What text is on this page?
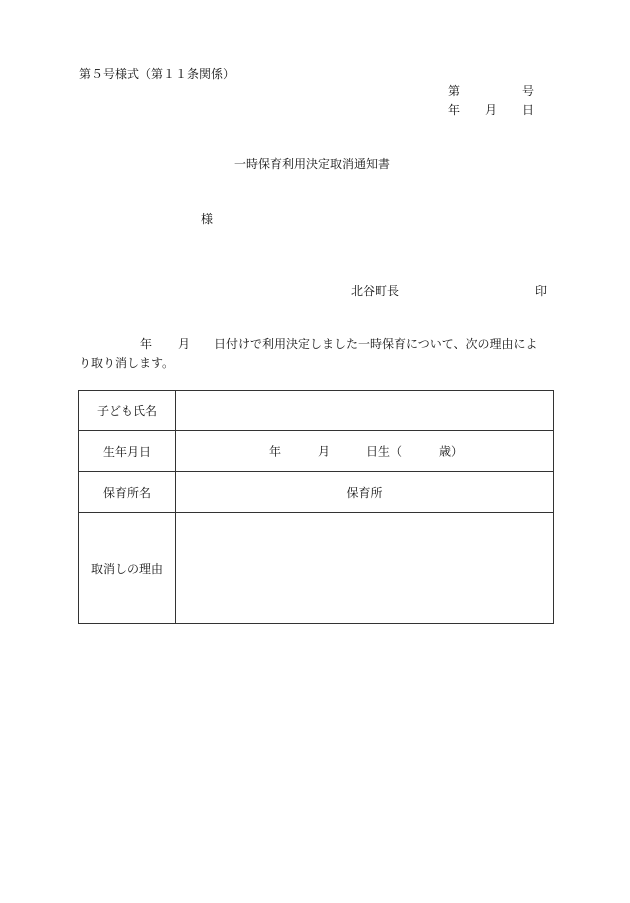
第５号様式（第１１条関係）
第	号
年 月 日
一時保育利用決定取消通知書
様
北谷町長	印
年 月 日付けで利用決定しました一時保育について、次の理由によ
り取り消します。
子ども氏名	
生年月日	年 月 日生（ 歳）

保育所名	保育所
取消しの理由	
